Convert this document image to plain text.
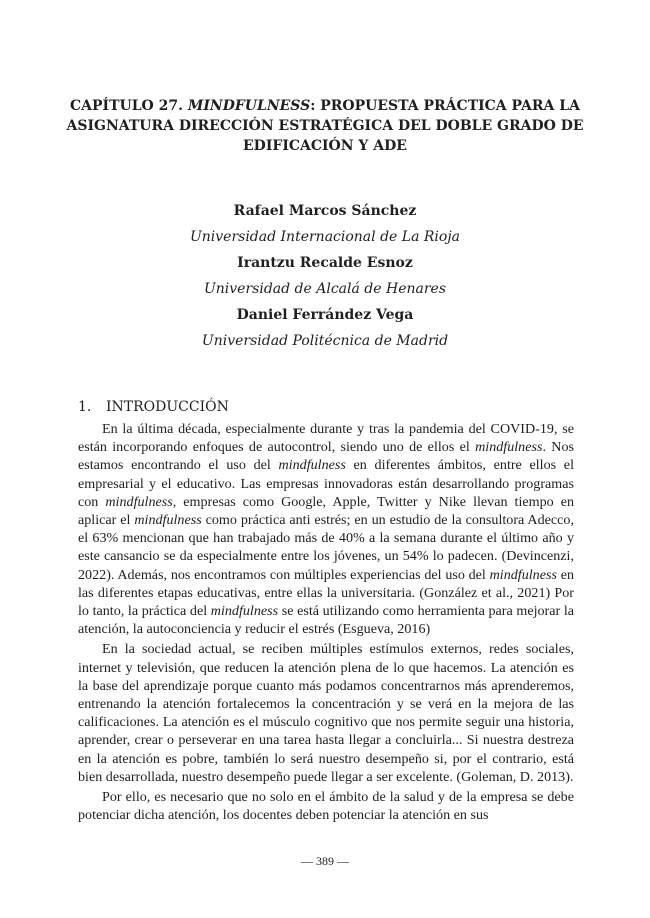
CAPÍTULO 27. MINDFULNESS: PROPUESTA PRÁCTICA PARA LA ASIGNATURA DIRECCIÓN ESTRATÉGICA DEL DOBLE GRADO DE EDIFICACIÓN Y ADE
Rafael Marcos Sánchez
Universidad Internacional de La Rioja
Irantzu Recalde Esnoz
Universidad de Alcalá de Henares
Daniel Ferrández Vega
Universidad Politécnica de Madrid
1. INTRODUCCIÓN

En la última década, especialmente durante y tras la pandemia del COVID-19, se están incorporando enfoques de autocontrol, siendo uno de ellos el mindfulness. Nos estamos encontrando el uso del mindfulness en diferentes ámbitos, entre ellos el empresarial y el educativo. Las empresas innovadoras están desarrollando programas con mindfulness, empresas como Google, Apple, Twitter y Nike llevan tiempo en aplicar el mindfulness como práctica anti estrés; en un estudio de la consultora Adecco, el 63% mencionan que han trabajado más de 40% a la semana durante el último año y este cansancio se da especialmente entre los jóvenes, un 54% lo padecen. (Devincenzi, 2022). Además, nos encontramos con múltiples experiencias del uso del mindfulness en las diferentes etapas educativas, entre ellas la universitaria. (González et al., 2021) Por lo tanto, la práctica del mindfulness se está utilizando como herramienta para mejorar la atención, la autoconciencia y reducir el estrés (Esgueva, 2016)

En la sociedad actual, se reciben múltiples estímulos externos, redes sociales, internet y televisión, que reducen la atención plena de lo que hacemos. La atención es la base del aprendizaje porque cuanto más podamos concentrarnos más aprenderemos, entrenando la atención fortalecemos la concentración y se verá en la mejora de las calificaciones. La atención es el músculo cognitivo que nos permite seguir una historia, aprender, crear o perseverar en una tarea hasta llegar a concluirla... Si nuestra destreza en la atención es pobre, también lo será nuestro desempeño si, por el contrario, está bien desarrollada, nuestro desempeño puede llegar a ser excelente. (Goleman, D. 2013).

Por ello, es necesario que no solo en el ámbito de la salud y de la empresa se debe potenciar dicha atención, los docentes deben potenciar la atención en sus

— 389 —
